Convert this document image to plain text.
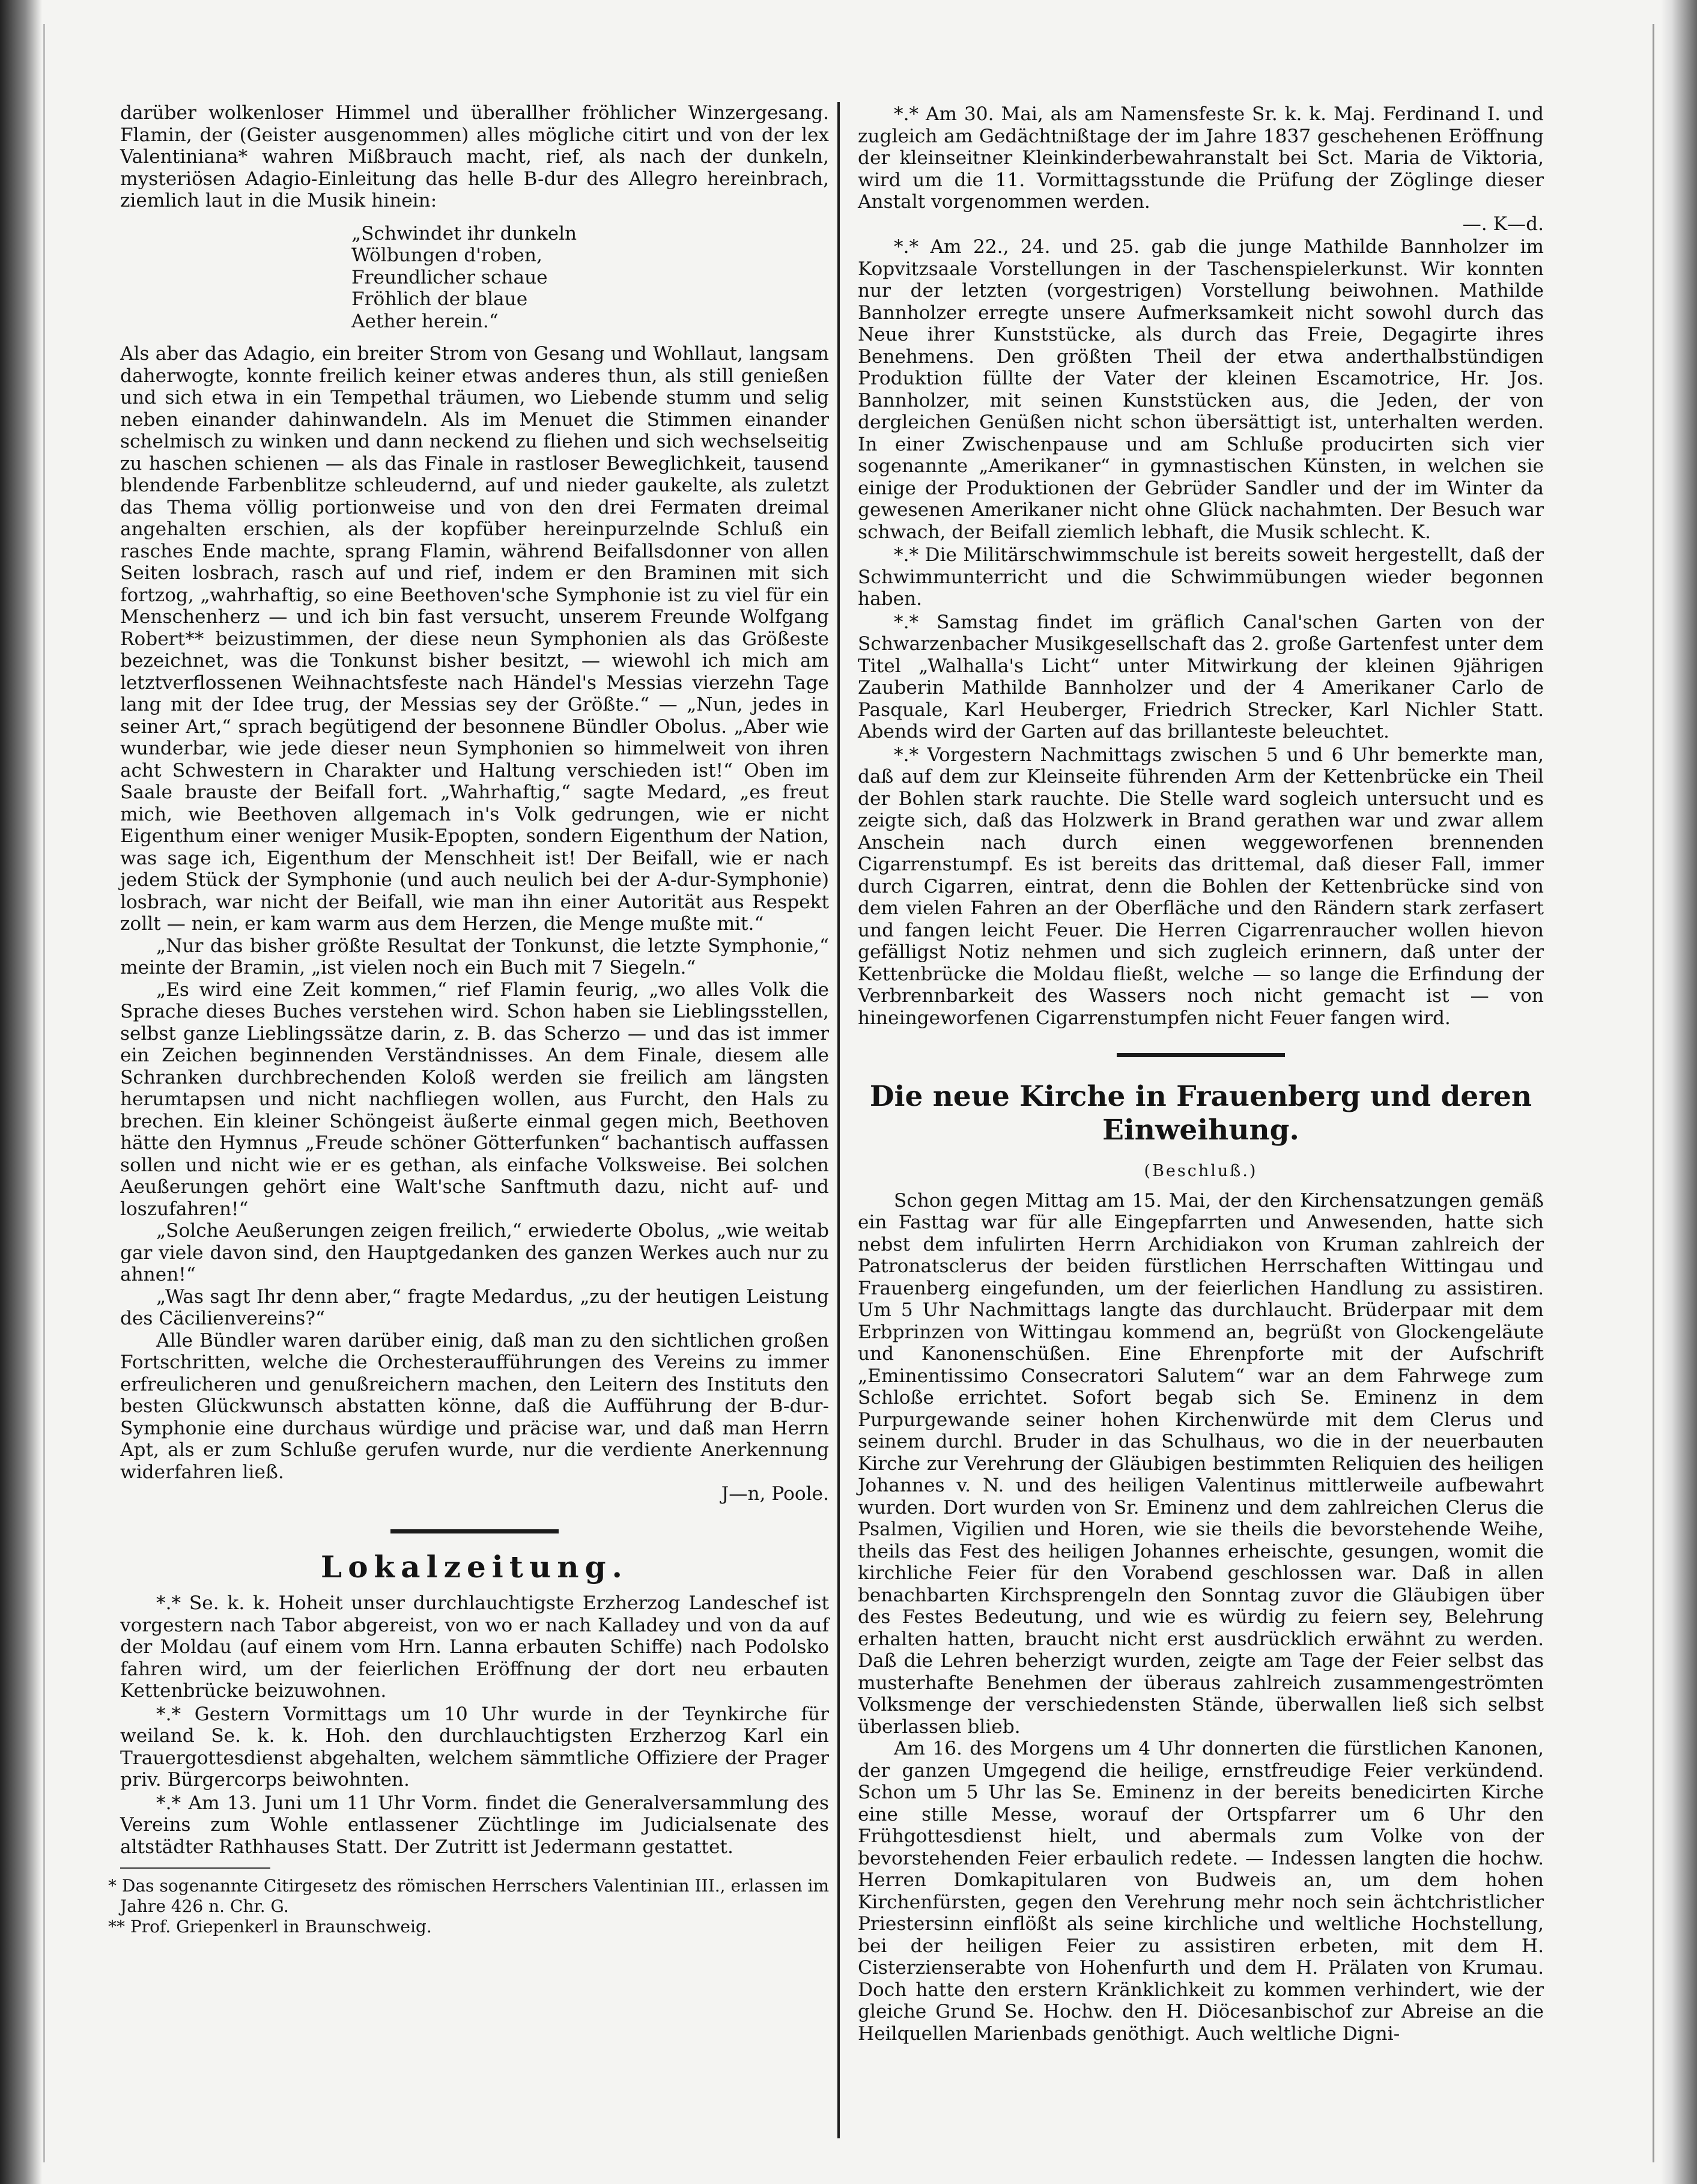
darüber wolkenloser Himmel und überallher fröhlicher Winzergesang. Flamin, der (Geister ausgenommen) alles mögliche citirt und von der lex Valentiniana* wahren Mißbrauch macht, rief, als nach der dunkeln, mysteriösen Adagio-Einleitung das helle B-dur des Allegro hereinbrach, ziemlich laut in die Musik hinein:

„Schwindet ihr dunkeln
Wölbungen d'roben,
Freundlicher schaue
Fröhlich der blaue
Aether herein.“

Als aber das Adagio, ein breiter Strom von Gesang und Wohllaut, langsam daherwogte, konnte freilich keiner etwas anderes thun, als still genießen und sich etwa in ein Tempethal träumen, wo Liebende stumm und selig neben einander dahinwandeln. Als im Menuet die Stimmen einander schelmisch zu winken und dann neckend zu fliehen und sich wechselseitig zu haschen schienen — als das Finale in rastloser Beweglichkeit, tausend blendende Farbenblitze schleudernd, auf und nieder gaukelte, als zuletzt das Thema völlig portionweise und von den drei Fermaten dreimal angehalten erschien, als der kopfüber hereinpurzelnde Schluß ein rasches Ende machte, sprang Flamin, während Beifallsdonner von allen Seiten losbrach, rasch auf und rief, indem er den Braminen mit sich fortzog, „wahrhaftig, so eine Beethoven'sche Symphonie ist zu viel für ein Menschenherz — und ich bin fast versucht, unserem Freunde Wolfgang Robert** beizustimmen, der diese neun Symphonien als das Größeste bezeichnet, was die Tonkunst bisher besitzt, — wiewohl ich mich am letztverflossenen Weihnachtsfeste nach Händel's Messias vierzehn Tage lang mit der Idee trug, der Messias sey der Größte.“ — „Nun, jedes in seiner Art,“ sprach begütigend der besonnene Bündler Obolus. „Aber wie wunderbar, wie jede dieser neun Symphonien so himmelweit von ihren acht Schwestern in Charakter und Haltung verschieden ist!“ Oben im Saale brauste der Beifall fort. „Wahrhaftig,“ sagte Medard, „es freut mich, wie Beethoven allgemach in's Volk gedrungen, wie er nicht Eigenthum einer weniger Musik-Epopten, sondern Eigenthum der Nation, was sage ich, Eigenthum der Menschheit ist! Der Beifall, wie er nach jedem Stück der Symphonie (und auch neulich bei der A-dur-Symphonie) losbrach, war nicht der Beifall, wie man ihn einer Autorität aus Respekt zollt — nein, er kam warm aus dem Herzen, die Menge mußte mit.“

„Nur das bisher größte Resultat der Tonkunst, die letzte Symphonie,“ meinte der Bramin, „ist vielen noch ein Buch mit 7 Siegeln.“

„Es wird eine Zeit kommen,“ rief Flamin feurig, „wo alles Volk die Sprache dieses Buches verstehen wird. Schon haben sie Lieblingsstellen, selbst ganze Lieblingssätze darin, z. B. das Scherzo — und das ist immer ein Zeichen beginnenden Verständnisses. An dem Finale, diesem alle Schranken durchbrechenden Koloß werden sie freilich am längsten herumtapsen und nicht nachfliegen wollen, aus Furcht, den Hals zu brechen. Ein kleiner Schöngeist äußerte einmal gegen mich, Beethoven hätte den Hymnus „Freude schöner Götterfunken“ bachantisch auffassen sollen und nicht wie er es gethan, als einfache Volksweise. Bei solchen Aeußerungen gehört eine Walt'sche Sanftmuth dazu, nicht auf- und loszufahren!“

„Solche Aeußerungen zeigen freilich,“ erwiederte Obolus, „wie weitab gar viele davon sind, den Hauptgedanken des ganzen Werkes auch nur zu ahnen!“

„Was sagt Ihr denn aber,“ fragte Medardus, „zu der heutigen Leistung des Cäcilienvereins?“

Alle Bündler waren darüber einig, daß man zu den sichtlichen großen Fortschritten, welche die Orchesteraufführungen des Vereins zu immer erfreulicheren und genußreichern machen, den Leitern des Instituts den besten Glückwunsch abstatten könne, daß die Aufführung der B-dur-Symphonie eine durchaus würdige und präcise war, und daß man Herrn Apt, als er zum Schluße gerufen wurde, nur die verdiente Anerkennung widerfahren ließ.

J—n, Poole.

Lokalzeitung.

*.* Se. k. k. Hoheit unser durchlauchtigste Erzherzog Landeschef ist vorgestern nach Tabor abgereist, von wo er nach Kalladey und von da auf der Moldau (auf einem vom Hrn. Lanna erbauten Schiffe) nach Podolsko fahren wird, um der feierlichen Eröffnung der dort neu erbauten Kettenbrücke beizuwohnen.

*.* Gestern Vormittags um 10 Uhr wurde in der Teynkirche für weiland Se. k. k. Hoh. den durchlauchtigsten Erzherzog Karl ein Trauergottesdienst abgehalten, welchem sämmtliche Offiziere der Prager priv. Bürgercorps beiwohnten.

*.* Am 13. Juni um 11 Uhr Vorm. findet die Generalversammlung des Vereins zum Wohle entlassener Züchtlinge im Judicialsenate des altstädter Rathhauses Statt. Der Zutritt ist Jedermann gestattet.

* Das sogenannte Citirgesetz des römischen Herrschers Valentinian III., erlassen im Jahre 426 n. Chr. G.

** Prof. Griepenkerl in Braunschweig.

*.* Am 30. Mai, als am Namensfeste Sr. k. k. Maj. Ferdinand I. und zugleich am Gedächtnißtage der im Jahre 1837 geschehenen Eröffnung der kleinseitner Kleinkinderbewahranstalt bei Sct. Maria de Viktoria, wird um die 11. Vormittagsstunde die Prüfung der Zöglinge dieser Anstalt vorgenommen werden.

—. K—d.

*.* Am 22., 24. und 25. gab die junge Mathilde Bannholzer im Kopvitzsaale Vorstellungen in der Taschenspielerkunst. Wir konnten nur der letzten (vorgestrigen) Vorstellung beiwohnen. Mathilde Bannholzer erregte unsere Aufmerksamkeit nicht sowohl durch das Neue ihrer Kunststücke, als durch das Freie, Degagirte ihres Benehmens. Den größten Theil der etwa anderthalbstündigen Produktion füllte der Vater der kleinen Escamotrice, Hr. Jos. Bannholzer, mit seinen Kunststücken aus, die Jeden, der von dergleichen Genüßen nicht schon übersättigt ist, unterhalten werden. In einer Zwischenpause und am Schluße producirten sich vier sogenannte „Amerikaner“ in gymnastischen Künsten, in welchen sie einige der Produktionen der Gebrüder Sandler und der im Winter da gewesenen Amerikaner nicht ohne Glück nachahmten. Der Besuch war schwach, der Beifall ziemlich lebhaft, die Musik schlecht. K.

*.* Die Militärschwimmschule ist bereits soweit hergestellt, daß der Schwimmunterricht und die Schwimmübungen wieder begonnen haben.

*.* Samstag findet im gräflich Canal'schen Garten von der Schwarzenbacher Musikgesellschaft das 2. große Gartenfest unter dem Titel „Walhalla's Licht“ unter Mitwirkung der kleinen 9jährigen Zauberin Mathilde Bannholzer und der 4 Amerikaner Carlo de Pasquale, Karl Heuberger, Friedrich Strecker, Karl Nichler Statt. Abends wird der Garten auf das brillanteste beleuchtet.

*.* Vorgestern Nachmittags zwischen 5 und 6 Uhr bemerkte man, daß auf dem zur Kleinseite führenden Arm der Kettenbrücke ein Theil der Bohlen stark rauchte. Die Stelle ward sogleich untersucht und es zeigte sich, daß das Holzwerk in Brand gerathen war und zwar allem Anschein nach durch einen weggeworfenen brennenden Cigarrenstumpf. Es ist bereits das drittemal, daß dieser Fall, immer durch Cigarren, eintrat, denn die Bohlen der Kettenbrücke sind von dem vielen Fahren an der Oberfläche und den Rändern stark zerfasert und fangen leicht Feuer. Die Herren Cigarrenraucher wollen hievon gefälligst Notiz nehmen und sich zugleich erinnern, daß unter der Kettenbrücke die Moldau fließt, welche — so lange die Erfindung der Verbrennbarkeit des Wassers noch nicht gemacht ist — von hineingeworfenen Cigarrenstumpfen nicht Feuer fangen wird.

Die neue Kirche in Frauenberg und deren Einweihung.
(Beschluß.)

Schon gegen Mittag am 15. Mai, der den Kirchensatzungen gemäß ein Fasttag war für alle Eingepfarrten und Anwesenden, hatte sich nebst dem infulirten Herrn Archidiakon von Kruman zahlreich der Patronatsclerus der beiden fürstlichen Herrschaften Wittingau und Frauenberg eingefunden, um der feierlichen Handlung zu assistiren. Um 5 Uhr Nachmittags langte das durchlaucht. Brüderpaar mit dem Erbprinzen von Wittingau kommend an, begrüßt von Glockengeläute und Kanonenschüßen. Eine Ehrenpforte mit der Aufschrift „Eminentissimo Consecratori Salutem“ war an dem Fahrwege zum Schloße errichtet. Sofort begab sich Se. Eminenz in dem Purpurgewande seiner hohen Kirchenwürde mit dem Clerus und seinem durchl. Bruder in das Schulhaus, wo die in der neuerbauten Kirche zur Verehrung der Gläubigen bestimmten Reliquien des heiligen Johannes v. N. und des heiligen Valentinus mittlerweile aufbewahrt wurden. Dort wurden von Sr. Eminenz und dem zahlreichen Clerus die Psalmen, Vigilien und Horen, wie sie theils die bevorstehende Weihe, theils das Fest des heiligen Johannes erheischte, gesungen, womit die kirchliche Feier für den Vorabend geschlossen war. Daß in allen benachbarten Kirchsprengeln den Sonntag zuvor die Gläubigen über des Festes Bedeutung, und wie es würdig zu feiern sey, Belehrung erhalten hatten, braucht nicht erst ausdrücklich erwähnt zu werden. Daß die Lehren beherzigt wurden, zeigte am Tage der Feier selbst das musterhafte Benehmen der überaus zahlreich zusammengeströmten Volksmenge der verschiedensten Stände, überwallen ließ sich selbst überlassen blieb.

Am 16. des Morgens um 4 Uhr donnerten die fürstlichen Kanonen, der ganzen Umgegend die heilige, ernstfreudige Feier verkündend. Schon um 5 Uhr las Se. Eminenz in der bereits benedicirten Kirche eine stille Messe, worauf der Ortspfarrer um 6 Uhr den Frühgottesdienst hielt, und abermals zum Volke von der bevorstehenden Feier erbaulich redete. — Indessen langten die hochw. Herren Domkapitularen von Budweis an, um dem hohen Kirchenfürsten, gegen den Verehrung mehr noch sein ächtchristlicher Priestersinn einflößt als seine kirchliche und weltliche Hochstellung, bei der heiligen Feier zu assistiren erbeten, mit dem H. Cisterzienserabte von Hohenfurth und dem H. Prälaten von Krumau. Doch hatte den erstern Kränklichkeit zu kommen verhindert, wie der gleiche Grund Se. Hochw. den H. Diöcesanbischof zur Abreise an die Heilquellen Marienbads genöthigt. Auch weltliche Digni-
